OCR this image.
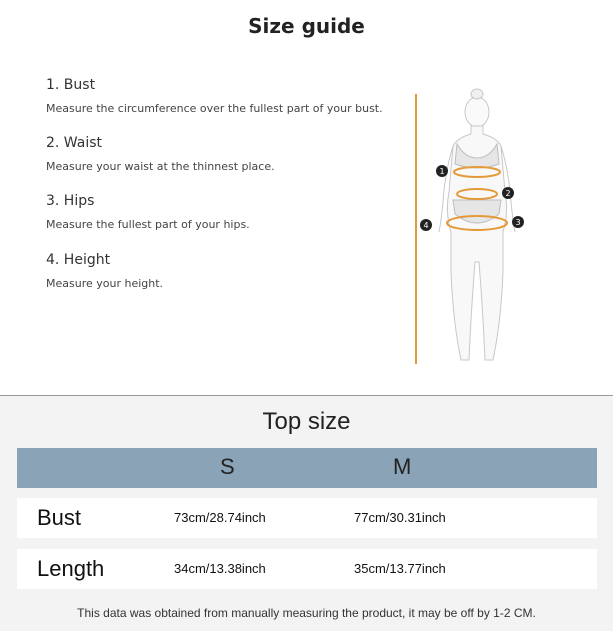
Size guide
1. Bust
Measure the circumference over the fullest part of your bust.
2. Waist
Measure your waist at the thinnest place.
3. Hips
Measure the fullest part of your hips.
4. Height
Measure your height.
1
2
3
4
Top size
S	M
Bust	73cm/28.74inch	77cm/30.31inch
Length	34cm/13.38inch	35cm/13.77inch
This data was obtained from manually measuring the product, it may be off by 1-2 CM.
